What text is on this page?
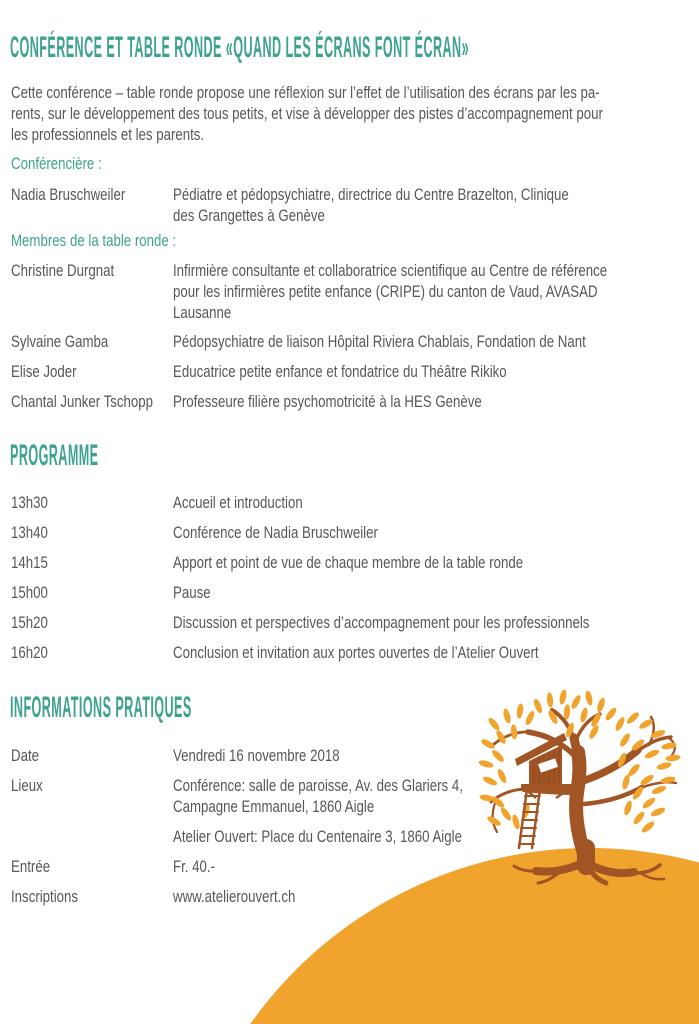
CONFÉRENCE ET TABLE RONDE «QUAND LES ÉCRANS FONT ÉCRAN»
Cette conférence – table ronde propose une réflexion sur l’effet de l’utilisation des écrans par les pa-
rents, sur le développement des tous petits, et vise à développer des pistes d’accompagnement pour
les professionnels et les parents.
Conférencière :
Nadia Bruschweiler	Pédiatre et pédopsychiatre, directrice du Centre Brazelton, Clinique
des Grangettes à Genève
Membres de la table ronde :
Christine Durgnat	Infirmière consultante et collaboratrice scientifique au Centre de référence
pour les infirmières petite enfance (CRIPE) du canton de Vaud, AVASAD
Lausanne
Sylvaine Gamba	Pédopsychiatre de liaison Hôpital Riviera Chablais, Fondation de Nant
Elise Joder	Educatrice petite enfance et fondatrice du Théâtre Rikiko
Chantal Junker Tschopp Professeure filière psychomotricité à la HES Genève
PROGRAMME
13h30	Accueil et introduction
13h40	Conférence de Nadia Bruschweiler
14h15	Apport et point de vue de chaque membre de la table ronde
15h00	Pause
15h20	Discussion et perspectives d’accompagnement pour les professionnels
16h20	Conclusion et invitation aux portes ouvertes de l’Atelier Ouvert
INFORMATIONS PRATIQUES
Date	Vendredi 16 novembre 2018
Lieux	Conférence: salle de paroisse, Av. des Glariers 4,
Campagne Emmanuel, 1860 Aigle
Atelier Ouvert: Place du Centenaire 3, 1860 Aigle
Entrée	Fr. 40.-
Inscriptions	www.atelierouvert.ch
